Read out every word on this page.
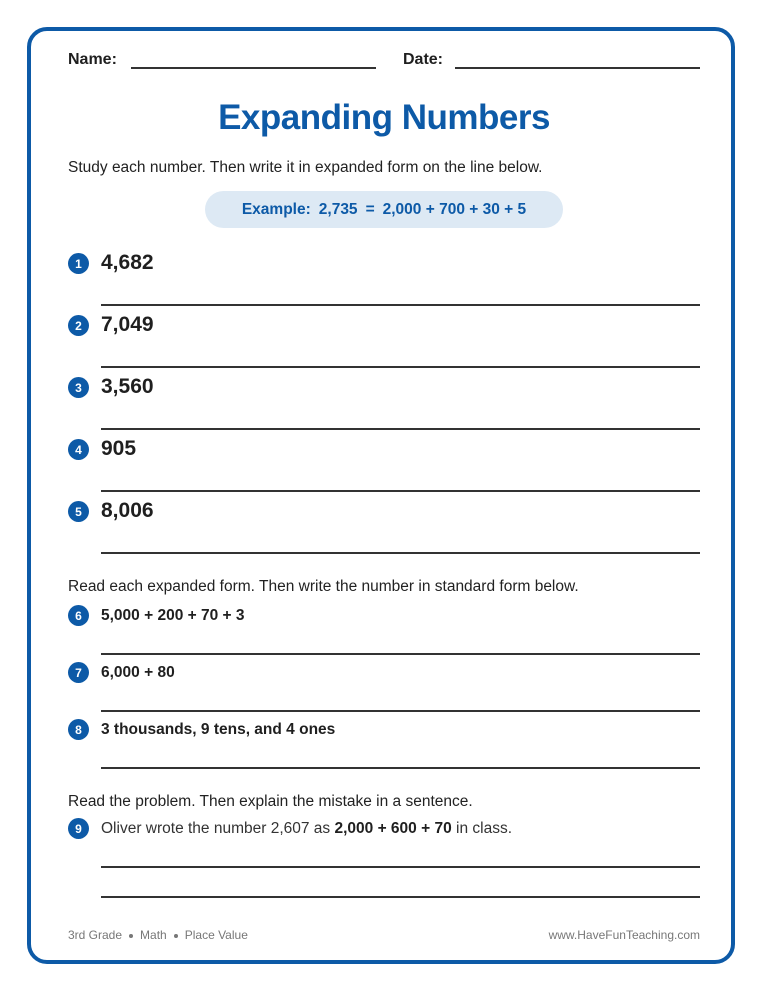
Name:	Date:
Expanding Numbers
Study each number. Then write it in expanded form on the line below.
Example: 2,735 = 2,000 + 700 + 30 + 5
1 4,682
2 7,049
3 3,560
4 905
5 8,006
Read each expanded form. Then write the number in standard form below.
6	5,000 + 200 + 70 + 3
7	6,000 + 80
8	3 thousands, 9 tens, and 4 ones
Read the problem. Then explain the mistake in a sentence.
9	Oliver wrote the number 2,607 as 2,000 + 600 + 70 in class.
3rd Grade Math Place Value	www.HaveFunTeaching.com
